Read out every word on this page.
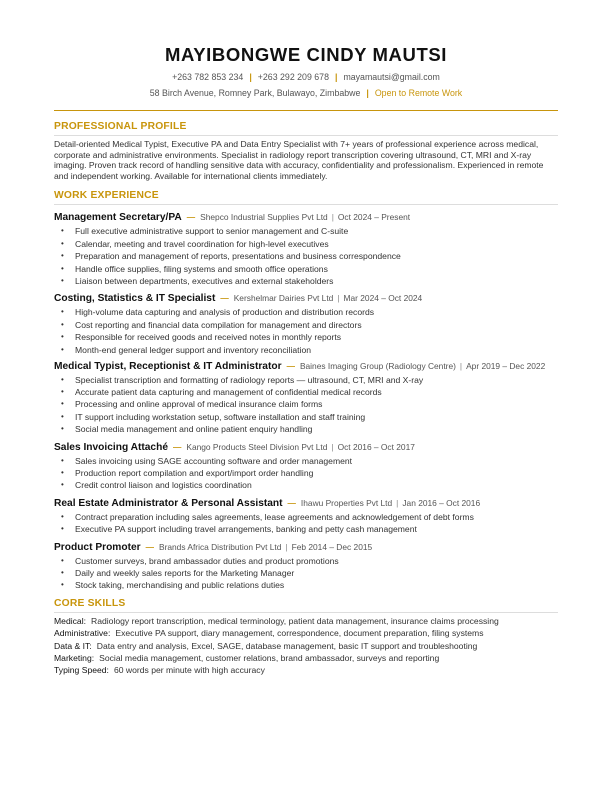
MAYIBONGWE CINDY MAUTSI
+263 782 853 234 | +263 292 209 678 | mayamautsi@gmail.com
58 Birch Avenue, Romney Park, Bulawayo, Zimbabwe | Open to Remote Work
PROFESSIONAL PROFILE
Detail-oriented Medical Typist, Executive PA and Data Entry Specialist with 7+ years of professional experience across medical, corporate and administrative environments. Specialist in radiology report transcription covering ultrasound, CT, MRI and X-ray imaging. Proven track record of handling sensitive data with accuracy, confidentiality and professionalism. Experienced in remote and independent working. Available for international clients immediately.
WORK EXPERIENCE
Management Secretary/PA — Shepco Industrial Supplies Pvt Ltd | Oct 2024 – Present
• Full executive administrative support to senior management and C-suite
• Calendar, meeting and travel coordination for high-level executives
• Preparation and management of reports, presentations and business correspondence
• Handle office supplies, filing systems and smooth office operations
• Liaison between departments, executives and external stakeholders
Costing, Statistics & IT Specialist — Kershelmar Dairies Pvt Ltd | Mar 2024 – Oct 2024
• High-volume data capturing and analysis of production and distribution records
• Cost reporting and financial data compilation for management and directors
• Responsible for received goods and received notes in monthly reports
• Month-end general ledger support and inventory reconciliation
Medical Typist, Receptionist & IT Administrator — Baines Imaging Group (Radiology Centre) | Apr 2019 – Dec 2022
• Specialist transcription and formatting of radiology reports — ultrasound, CT, MRI and X-ray
• Accurate patient data capturing and management of confidential medical records
• Processing and online approval of medical insurance claim forms
• IT support including workstation setup, software installation and staff training
• Social media management and online patient enquiry handling
Sales Invoicing Attaché — Kango Products Steel Division Pvt Ltd | Oct 2016 – Oct 2017
• Sales invoicing using SAGE accounting software and order management
• Production report compilation and export/import order handling
• Credit control liaison and logistics coordination
Real Estate Administrator & Personal Assistant — Ihawu Properties Pvt Ltd | Jan 2016 – Oct 2016
• Contract preparation including sales agreements, lease agreements and acknowledgement of debt forms
• Executive PA support including travel arrangements, banking and petty cash management
Product Promoter — Brands Africa Distribution Pvt Ltd | Feb 2014 – Dec 2015
• Customer surveys, brand ambassador duties and product promotions
• Daily and weekly sales reports for the Marketing Manager
• Stock taking, merchandising and public relations duties
CORE SKILLS
Medical: Radiology report transcription, medical terminology, patient data management, insurance claims processing
Administrative: Executive PA support, diary management, correspondence, document preparation, filing systems
Data & IT: Data entry and analysis, Excel, SAGE, database management, basic IT support and troubleshooting
Marketing: Social media management, customer relations, brand ambassador, surveys and reporting
Typing Speed: 60 words per minute with high accuracy
